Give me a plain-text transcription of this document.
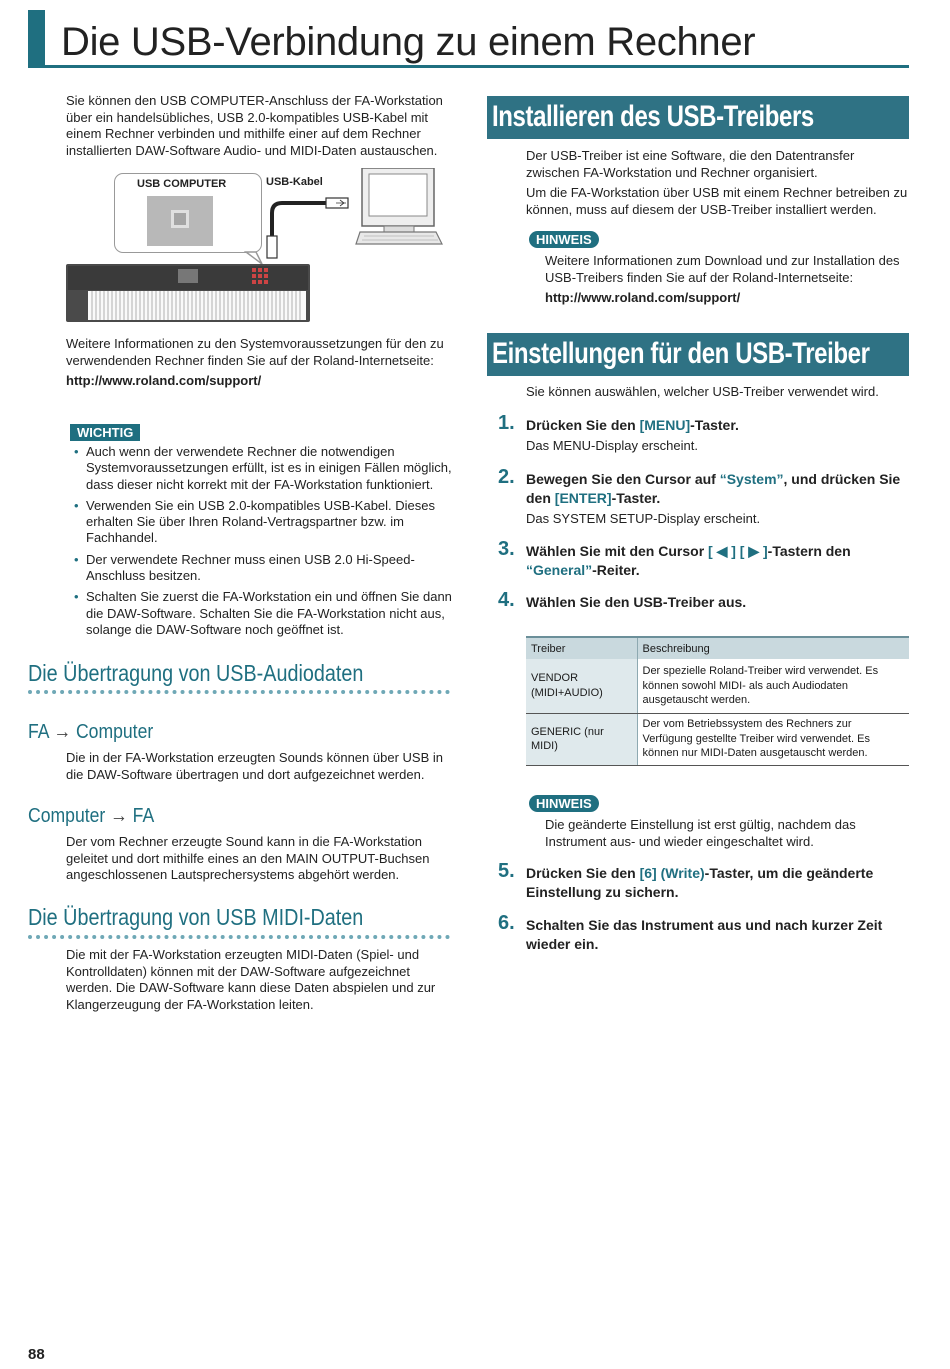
Die USB-Verbindung zu einem Rechner
Sie können den USB COMPUTER-Anschluss der FA-Workstation über ein handelsübliches, USB 2.0-kompatibles USB-Kabel mit einem Rechner verbinden und mithilfe einer auf dem Rechner installierten DAW-Software Audio- und MIDI-Daten austauschen.
USB COMPUTER	USB-Kabel
Weitere Informationen zu den Systemvoraussetzungen für den zu verwendenden Rechner finden Sie auf der Roland-Internetseite:
http://www.roland.com/support/
WICHTIG
• Auch wenn der verwendete Rechner die notwendigen Systemvoraussetzungen erfüllt, ist es in einigen Fällen möglich, dass dieser nicht korrekt mit der FA-Workstation funktioniert.
• Verwenden Sie ein USB 2.0-kompatibles USB-Kabel. Dieses erhalten Sie über Ihren Roland-Vertragspartner bzw. im Fachhandel.
• Der verwendete Rechner muss einen USB 2.0 Hi-Speed-Anschluss besitzen.
• Schalten Sie zuerst die FA-Workstation ein und öffnen Sie dann die DAW-Software. Schalten Sie die FA-Workstation nicht aus, solange die DAW-Software noch geöffnet ist.
Die Übertragung von USB-Audiodaten
FA → Computer
Die in der FA-Workstation erzeugten Sounds können über USB in die DAW-Software übertragen und dort aufgezeichnet werden.
Computer → FA
Der vom Rechner erzeugte Sound kann in die FA-Workstation geleitet und dort mithilfe eines an den MAIN OUTPUT-Buchsen angeschlossenen Lautsprechersystems abgehört werden.
Die Übertragung von USB MIDI-Daten
Die mit der FA-Workstation erzeugten MIDI-Daten (Spiel- und Kontrolldaten) können mit der DAW-Software aufgezeichnet werden. Die DAW-Software kann diese Daten abspielen und zur Klangerzeugung der FA-Workstation leiten.
Installieren des USB-Treibers
Der USB-Treiber ist eine Software, die den Datentransfer zwischen FA-Workstation und Rechner organisiert.
Um die FA-Workstation über USB mit einem Rechner betreiben zu können, muss auf diesem der USB-Treiber installiert werden.
HINWEIS
Weitere Informationen zum Download und zur Installation des USB-Treibers finden Sie auf der Roland-Internetseite:
http://www.roland.com/support/
Einstellungen für den USB-Treiber
Sie können auswählen, welcher USB-Treiber verwendet wird.
1. Drücken Sie den [MENU]-Taster.
Das MENU-Display erscheint.
2. Bewegen Sie den Cursor auf “System”, und drücken Sie den [ENTER]-Taster.
Das SYSTEM SETUP-Display erscheint.
3. Wählen Sie mit den Cursor [ ◀ ] [ ▶ ]-Tastern den “General”-Reiter.
4. Wählen Sie den USB-Treiber aus.
Treiber	Beschreibung
VENDOR (MIDI+AUDIO)	Der spezielle Roland-Treiber wird verwendet. Es können sowohl MIDI- als auch Audiodaten ausgetauscht werden.
GENERIC (nur MIDI)	Der vom Betriebssystem des Rechners zur Verfügung gestellte Treiber wird verwendet. Es können nur MIDI-Daten ausgetauscht werden.
HINWEIS
Die geänderte Einstellung ist erst gültig, nachdem das Instrument aus- und wieder eingeschaltet wird.
5. Drücken Sie den [6] (Write)-Taster, um die geänderte Einstellung zu sichern.
6. Schalten Sie das Instrument aus und nach kurzer Zeit wieder ein.
88
